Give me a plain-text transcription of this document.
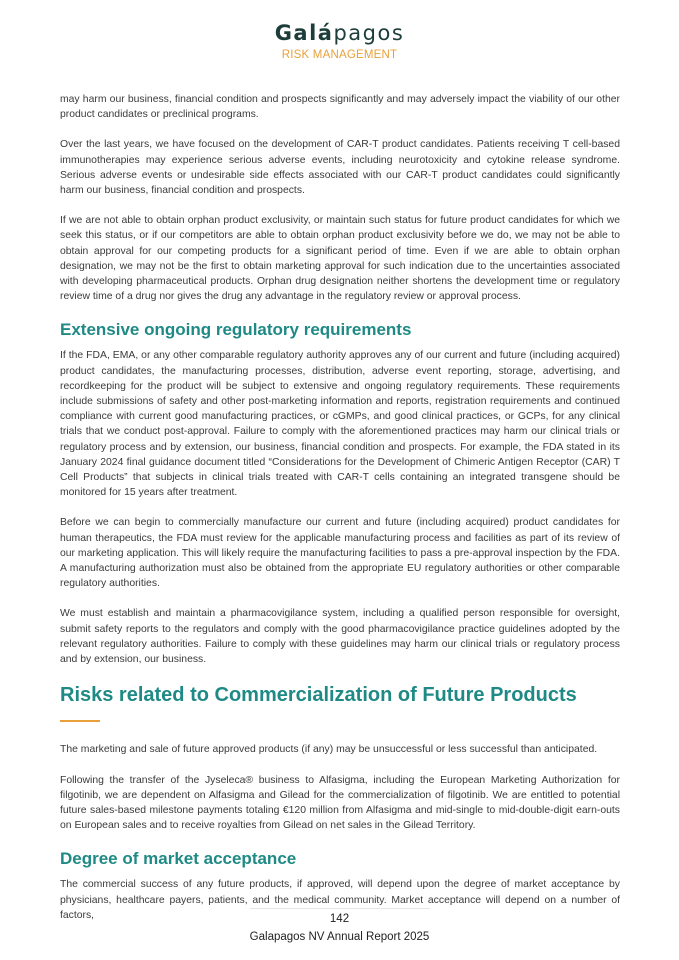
Galápagos
RISK MANAGEMENT

may harm our business, financial condition and prospects significantly and may adversely impact the viability of our other product candidates or preclinical programs.

Over the last years, we have focused on the development of CAR-T product candidates. Patients receiving T cell-based immunotherapies may experience serious adverse events, including neurotoxicity and cytokine release syndrome. Serious adverse events or undesirable side effects associated with our CAR-T product candidates could significantly harm our business, financial condition and prospects.

If we are not able to obtain orphan product exclusivity, or maintain such status for future product candidates for which we seek this status, or if our competitors are able to obtain orphan product exclusivity before we do, we may not be able to obtain approval for our competing products for a significant period of time. Even if we are able to obtain orphan designation, we may not be the first to obtain marketing approval for such indication due to the uncertainties associated with developing pharmaceutical products. Orphan drug designation neither shortens the development time or regulatory review time of a drug nor gives the drug any advantage in the regulatory review or approval process.

Extensive ongoing regulatory requirements

If the FDA, EMA, or any other comparable regulatory authority approves any of our current and future (including acquired) product candidates, the manufacturing processes, distribution, adverse event reporting, storage, advertising, and recordkeeping for the product will be subject to extensive and ongoing regulatory requirements. These requirements include submissions of safety and other post-marketing information and reports, registration requirements and continued compliance with current good manufacturing practices, or cGMPs, and good clinical practices, or GCPs, for any clinical trials that we conduct post-approval. Failure to comply with the aforementioned practices may harm our clinical trials or regulatory process and by extension, our business, financial condition and prospects. For example, the FDA stated in its January 2024 final guidance document titled “Considerations for the Development of Chimeric Antigen Receptor (CAR) T Cell Products” that subjects in clinical trials treated with CAR-T cells containing an integrated transgene should be monitored for 15 years after treatment.

Before we can begin to commercially manufacture our current and future (including acquired) product candidates for human therapeutics, the FDA must review for the applicable manufacturing process and facilities as part of its review of our marketing application. This will likely require the manufacturing facilities to pass a pre-approval inspection by the FDA. A manufacturing authorization must also be obtained from the appropriate EU regulatory authorities or other comparable regulatory authorities.

We must establish and maintain a pharmacovigilance system, including a qualified person responsible for oversight, submit safety reports to the regulators and comply with the good pharmacovigilance practice guidelines adopted by the relevant regulatory authorities. Failure to comply with these guidelines may harm our clinical trials or regulatory process and by extension, our business.

Risks related to Commercialization of Future Products

The marketing and sale of future approved products (if any) may be unsuccessful or less successful than anticipated.

Following the transfer of the Jyseleca® business to Alfasigma, including the European Marketing Authorization for filgotinib, we are dependent on Alfasigma and Gilead for the commercialization of filgotinib. We are entitled to potential future sales-based milestone payments totaling €120 million from Alfasigma and mid-single to mid-double-digit earn-outs on European sales and to receive royalties from Gilead on net sales in the Gilead Territory.

Degree of market acceptance

The commercial success of any future products, if approved, will depend upon the degree of market acceptance by physicians, healthcare payers, patients, and the medical community. Market acceptance will depend on a number of factors,	142
Galapagos NV Annual Report 2025
